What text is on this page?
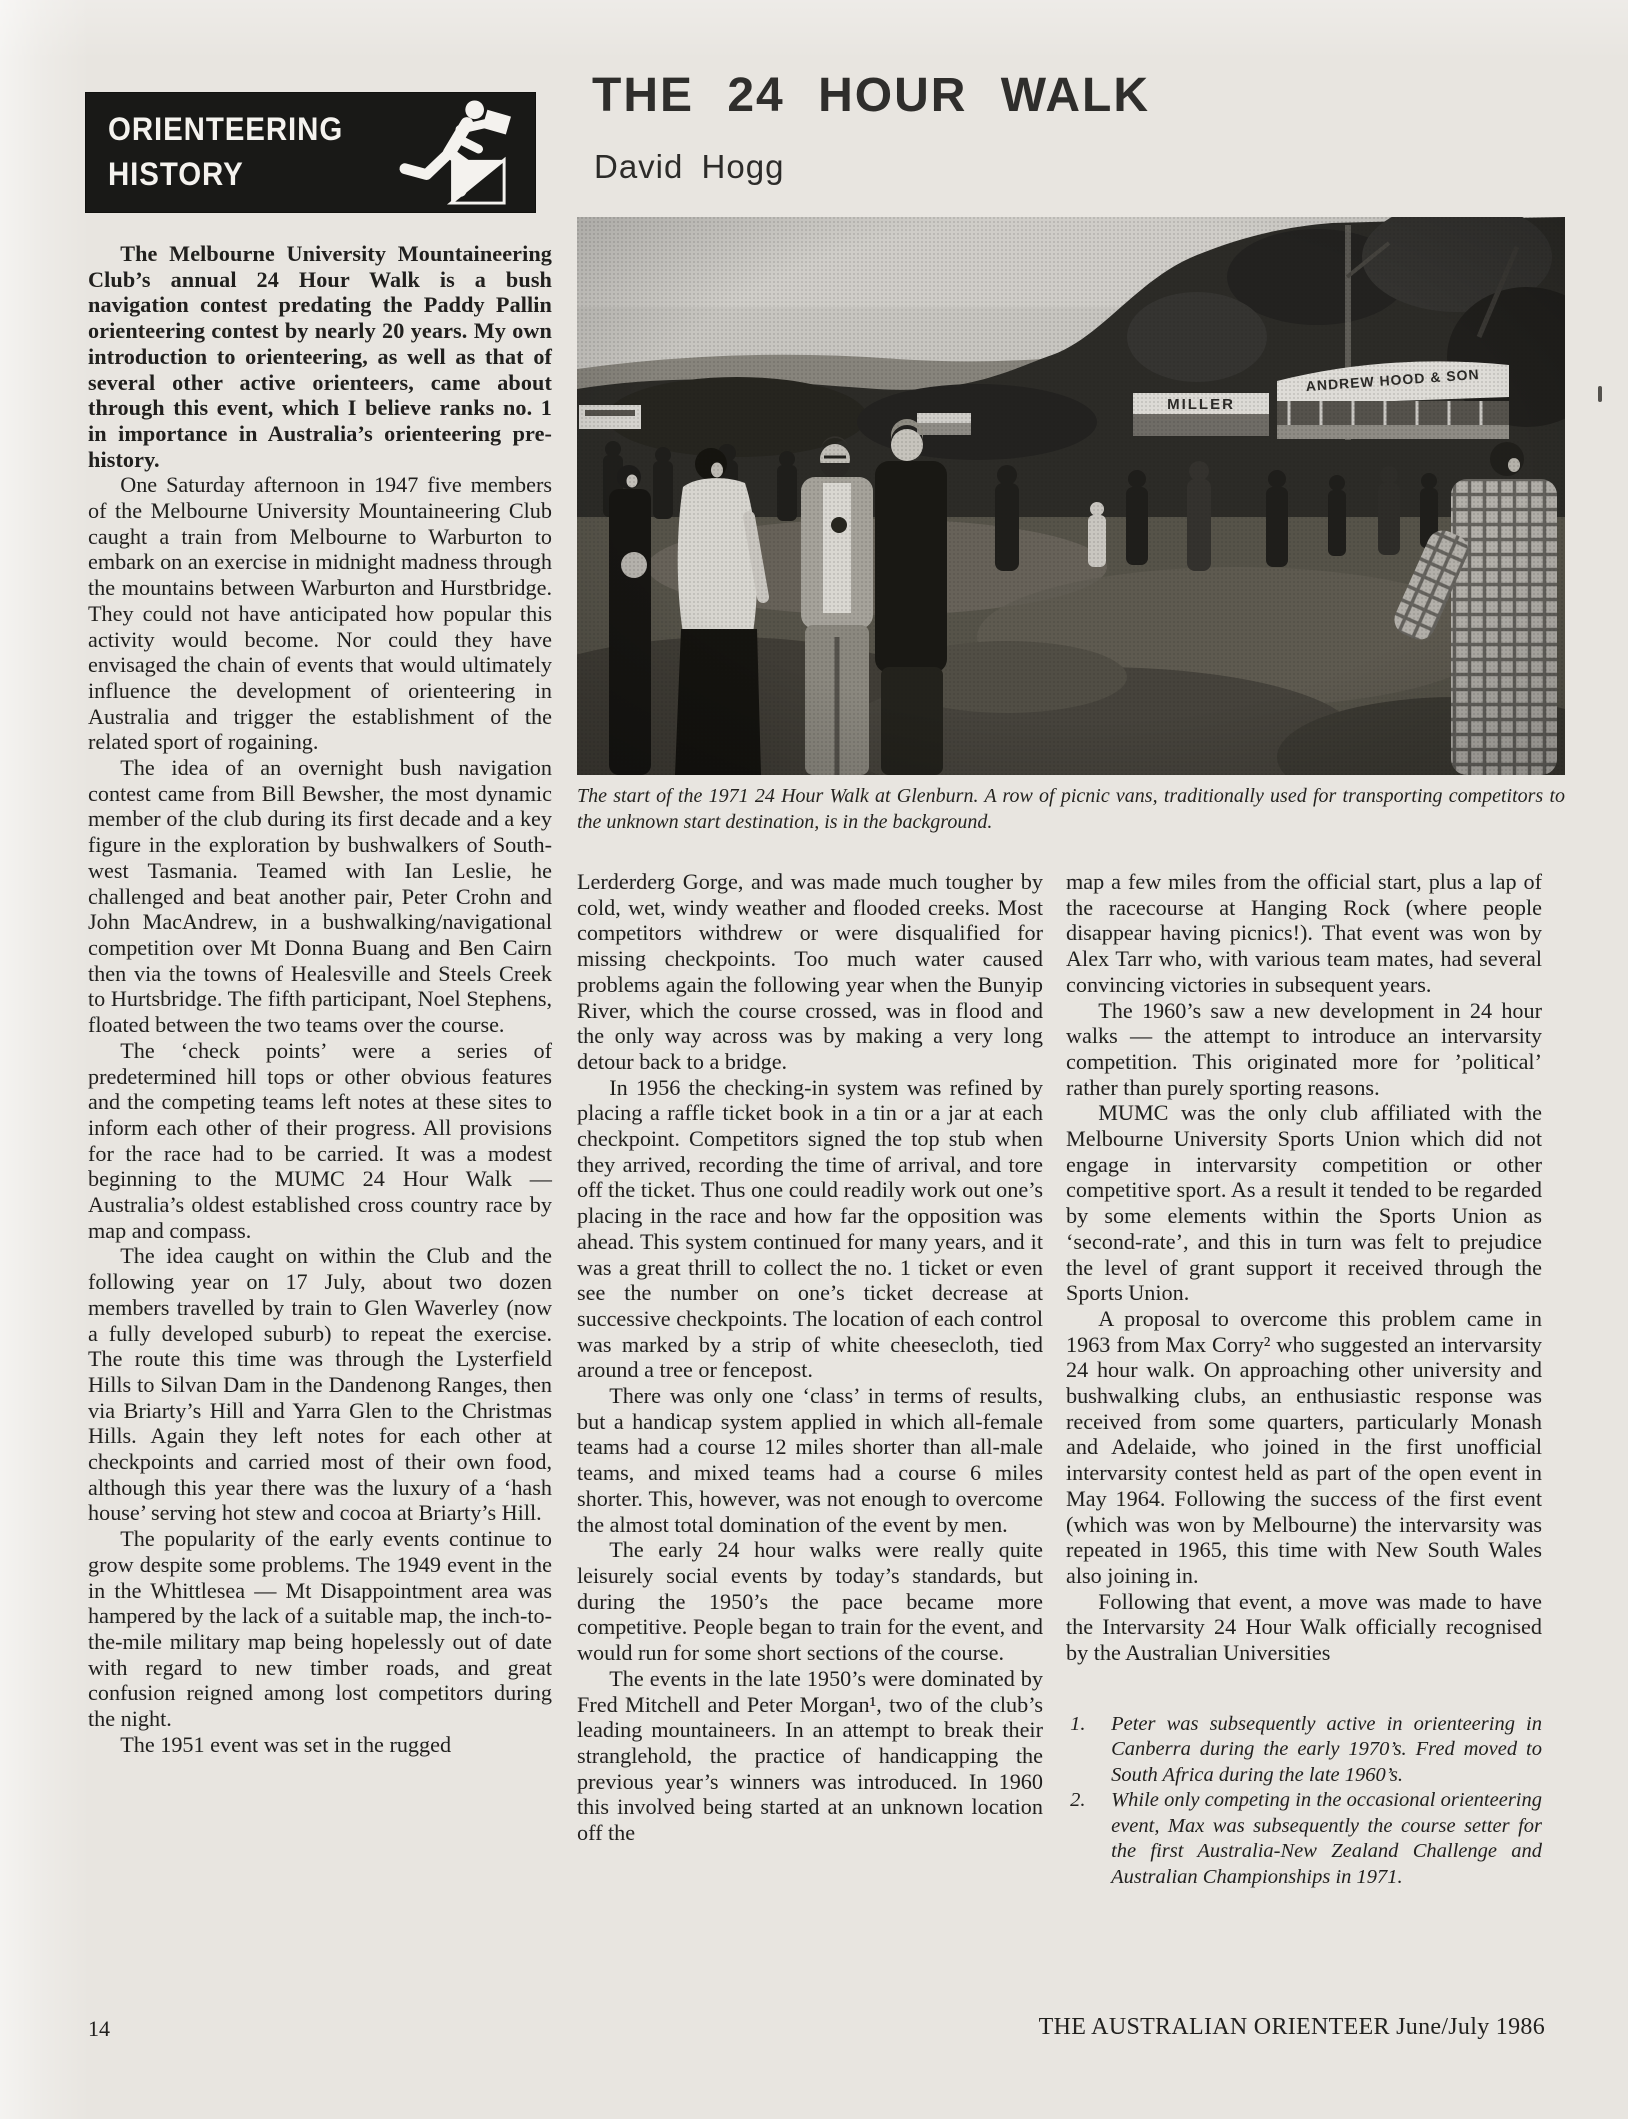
ORIENTEERING
HISTORY
THE 24 HOUR WALK
David Hogg
The start of the 1971 24 Hour Walk at Glenburn. A row of picnic vans, traditionally used for transporting competitors to the unknown start destination, is in the background.
The Melbourne University Mountaineering Club’s annual 24 Hour Walk is a bush navigation contest predating the Paddy Pallin orienteering contest by nearly 20 years. My own introduction to orienteering, as well as that of several other active orienteers, came about through this event, which I believe ranks no. 1 in importance in Australia’s orienteering pre-history.

One Saturday afternoon in 1947 five members of the Melbourne University Mountaineering Club caught a train from Melbourne to Warburton to embark on an exercise in midnight madness through the mountains between Warburton and Hurstbridge. They could not have anticipated how popular this activity would become. Nor could they have envisaged the chain of events that would ultimately influence the development of orienteering in Australia and trigger the establishment of the related sport of rogaining.

The idea of an overnight bush navigation contest came from Bill Bewsher, the most dynamic member of the club during its first decade and a key figure in the exploration by bushwalkers of South-west Tasmania. Teamed with Ian Leslie, he challenged and beat another pair, Peter Crohn and John MacAndrew, in a bushwalking/navigational competition over Mt Donna Buang and Ben Cairn then via the towns of Healesville and Steels Creek to Hurtsbridge. The fifth participant, Noel Stephens, floated between the two teams over the course.

The ‘check points’ were a series of predetermined hill tops or other obvious features and the competing teams left notes at these sites to inform each other of their progress. All provisions for the race had to be carried. It was a modest beginning to the MUMC 24 Hour Walk — Australia’s oldest established cross country race by map and compass.

The idea caught on within the Club and the following year on 17 July, about two dozen members travelled by train to Glen Waverley (now a fully developed suburb) to repeat the exercise. The route this time was through the Lysterfield Hills to Silvan Dam in the Dandenong Ranges, then via Briarty’s Hill and Yarra Glen to the Christmas Hills. Again they left notes for each other at checkpoints and carried most of their own food, although this year there was the luxury of a ‘hash house’ serving hot stew and cocoa at Briarty’s Hill.

The popularity of the early events continue to grow despite some problems. The 1949 event in the in the Whittlesea — Mt Disappointment area was hampered by the lack of a suitable map, the inch-to-the-mile military map being hopelessly out of date with regard to new timber roads, and great confusion reigned among lost competitors during the night.

The 1951 event was set in the rugged

Lerderderg Gorge, and was made much tougher by cold, wet, windy weather and flooded creeks. Most competitors withdrew or were disqualified for missing checkpoints. Too much water caused problems again the following year when the Bunyip River, which the course crossed, was in flood and the only way across was by making a very long detour back to a bridge.

In 1956 the checking-in system was refined by placing a raffle ticket book in a tin or a jar at each checkpoint. Competitors signed the top stub when they arrived, recording the time of arrival, and tore off the ticket. Thus one could readily work out one’s placing in the race and how far the opposition was ahead. This system continued for many years, and it was a great thrill to collect the no. 1 ticket or even see the number on one’s ticket decrease at successive checkpoints. The location of each control was marked by a strip of white cheesecloth, tied around a tree or fencepost.

There was only one ‘class’ in terms of results, but a handicap system applied in which all-female teams had a course 12 miles shorter than all-male teams, and mixed teams had a course 6 miles shorter. This, however, was not enough to overcome the almost total domination of the event by men.

The early 24 hour walks were really quite leisurely social events by today’s standards, but during the 1950’s the pace became more competitive. People began to train for the event, and would run for some short sections of the course.

The events in the late 1950’s were dominated by Fred Mitchell and Peter Morgan¹, two of the club’s leading mountaineers. In an attempt to break their stranglehold, the practice of handicapping the previous year’s winners was introduced. In 1960 this involved being started at an unknown location off the

map a few miles from the official start, plus a lap of the racecourse at Hanging Rock (where people disappear having picnics!). That event was won by Alex Tarr who, with various team mates, had several convincing victories in subsequent years.

The 1960’s saw a new development in 24 hour walks — the attempt to introduce an intervarsity competition. This originated more for ’political’ rather than purely sporting reasons.

MUMC was the only club affiliated with the Melbourne University Sports Union which did not engage in intervarsity competition or other competitive sport. As a result it tended to be regarded by some elements within the Sports Union as ‘second-rate’, and this in turn was felt to prejudice the level of grant support it received through the Sports Union.

A proposal to overcome this problem came in 1963 from Max Corry² who suggested an intervarsity 24 hour walk. On approaching other university and bushwalking clubs, an enthusiastic response was received from some quarters, particularly Monash and Adelaide, who joined in the first unofficial intervarsity contest held as part of the open event in May 1964. Following the success of the first event (which was won by Melbourne) the intervarsity was repeated in 1965, this time with New South Wales also joining in.

Following that event, a move was made to have the Intervarsity 24 Hour Walk officially recognised by the Australian Universities

1.	Peter was subsequently active in orienteering in Canberra during the early 1970’s. Fred moved to South Africa during the late 1960’s.
2.	While only competing in the occasional orienteering event, Max was subsequently the course setter for the first Australia-New Zealand Challenge and Australian Championships in 1971.
14	THE AUSTRALIAN ORIENTEER June/July 1986
